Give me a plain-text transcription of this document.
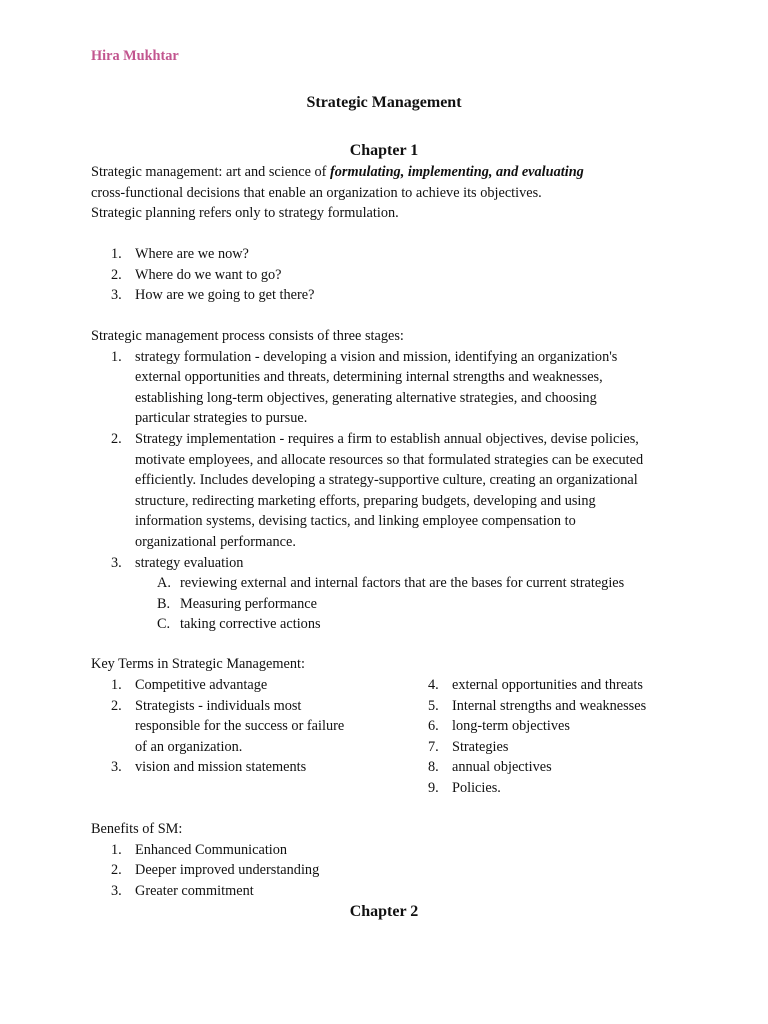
Hira Mukhtar
Strategic Management
Chapter 1
Strategic management: art and science of formulating, implementing, and evaluating
cross-functional decisions that enable an organization to achieve its objectives.
Strategic planning refers only to strategy formulation.
1. Where are we now?
2. Where do we want to go?
3. How are we going to get there?
Strategic management process consists of three stages:
1. strategy formulation - developing a vision and mission, identifying an organization's
external opportunities and threats, determining internal strengths and weaknesses,
establishing long-term objectives, generating alternative strategies, and choosing
particular strategies to pursue.
2. Strategy implementation - requires a firm to establish annual objectives, devise policies,
motivate employees, and allocate resources so that formulated strategies can be executed
efficiently. Includes developing a strategy-supportive culture, creating an organizational
structure, redirecting marketing efforts, preparing budgets, developing and using
information systems, devising tactics, and linking employee compensation to
organizational performance.
3. strategy evaluation
A. reviewing external and internal factors that are the bases for current strategies
B. Measuring performance
C. taking corrective actions
Key Terms in Strategic Management:
1. Competitive advantage
2. Strategists - individuals most
responsible for the success or failure
of an organization.
3. vision and mission statements
4. external opportunities and threats
5. Internal strengths and weaknesses
6. long-term objectives
7. Strategies
8. annual objectives
9. Policies.
Benefits of SM:
1. Enhanced Communication
2. Deeper improved understanding
3. Greater commitment
Chapter 2
